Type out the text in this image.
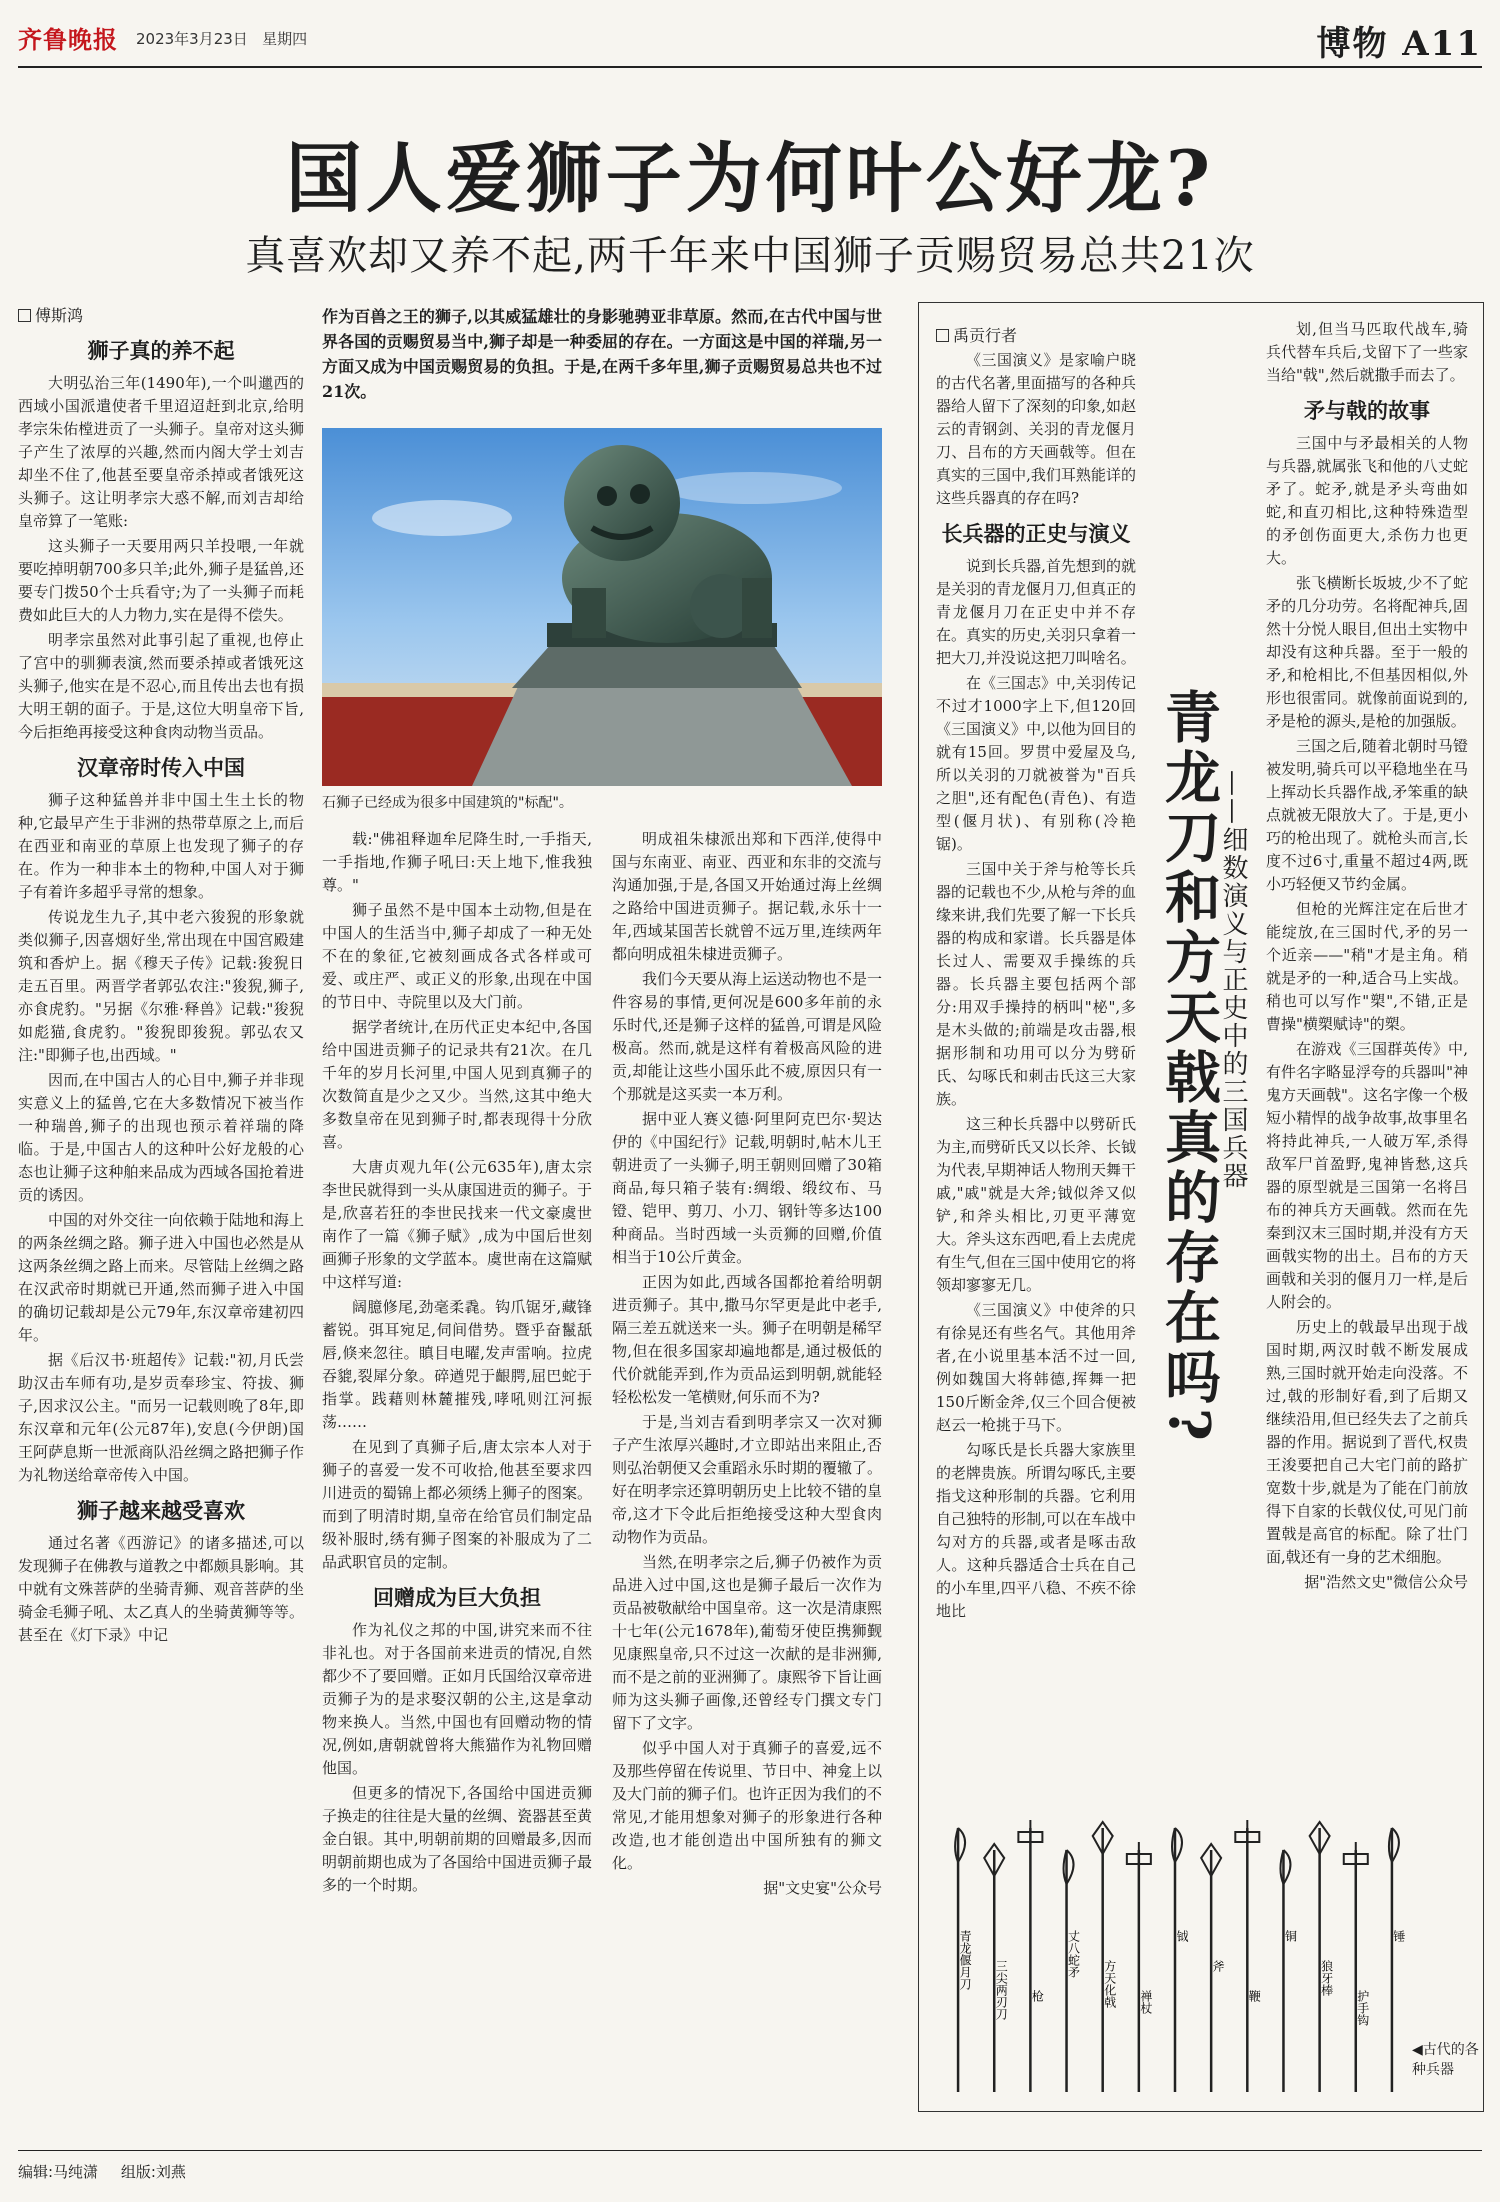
齐鲁晚报 2023年3月23日 星期四	博物 A11
国人爱狮子为何叶公好龙?
真喜欢却又养不起,两千年来中国狮子贡赐贸易总共21次

傅斯鸿

狮子真的养不起

大明弘治三年(1490年),一个叫邋西的西域小国派遣使者千里迢迢赶到北京,给明孝宗朱佑樘进贡了一头狮子。皇帝对这头狮子产生了浓厚的兴趣,然而内阁大学士刘吉却坐不住了,他甚至要皇帝杀掉或者饿死这头狮子。这让明孝宗大惑不解,而刘吉却给皇帝算了一笔账:

这头狮子一天要用两只羊投喂,一年就要吃掉明朝700多只羊;此外,狮子是猛兽,还要专门拨50个士兵看守;为了一头狮子而耗费如此巨大的人力物力,实在是得不偿失。

明孝宗虽然对此事引起了重视,也停止了宫中的驯狮表演,然而要杀掉或者饿死这头狮子,他实在是不忍心,而且传出去也有损大明王朝的面子。于是,这位大明皇帝下旨,今后拒绝再接受这种食肉动物当贡品。

汉章帝时传入中国

狮子这种猛兽并非中国土生土长的物种,它最早产生于非洲的热带草原之上,而后在西亚和南亚的草原上也发现了狮子的存在。作为一种非本土的物种,中国人对于狮子有着许多超乎寻常的想象。

传说龙生九子,其中老六狻猊的形象就类似狮子,因喜烟好坐,常出现在中国宫殿建筑和香炉上。据《穆天子传》记载:狻猊日走五百里。两晋学者郭弘农注:"狻猊,狮子,亦食虎豹。"另据《尔雅·释兽》记载:"狻猊如彪猫,食虎豹。"狻猊即狻猊。郭弘农又注:"即狮子也,出西域。"

因而,在中国古人的心目中,狮子并非现实意义上的猛兽,它在大多数情况下被当作一种瑞兽,狮子的出现也预示着祥瑞的降临。于是,中国古人的这种叶公好龙般的心态也让狮子这种舶来品成为西域各国抢着进贡的诱因。

中国的对外交往一向依赖于陆地和海上的两条丝绸之路。狮子进入中国也必然是从这两条丝绸之路上而来。尽管陆上丝绸之路在汉武帝时期就已开通,然而狮子进入中国的确切记载却是公元79年,东汉章帝建初四年。

据《后汉书·班超传》记载:"初,月氏尝助汉击车师有功,是岁贡奉珍宝、符拔、狮子,因求汉公主。"而另一记载则晚了8年,即东汉章和元年(公元87年),安息(今伊朗)国王阿萨息斯一世派商队沿丝绸之路把狮子作为礼物送给章帝传入中国。

狮子越来越受喜欢

通过名著《西游记》的诸多描述,可以发现狮子在佛教与道教之中都颇具影响。其中就有文殊菩萨的坐骑青狮、观音菩萨的坐骑金毛狮子吼、太乙真人的坐骑黄狮等等。甚至在《灯下录》中记

作为百兽之王的狮子,以其威猛雄壮的身影驰骋亚非草原。然而,在古代中国与世界各国的贡赐贸易当中,狮子却是一种委屈的存在。一方面这是中国的祥瑞,另一方面又成为中国贡赐贸易的负担。于是,在两千多年里,狮子贡赐贸易总共也不过21次。
石狮子已经成为很多中国建筑的"标配"。

载:"佛祖释迦牟尼降生时,一手指天,一手指地,作狮子吼曰:天上地下,惟我独尊。"

狮子虽然不是中国本土动物,但是在中国人的生活当中,狮子却成了一种无处不在的象征,它被刻画成各式各样或可爱、或庄严、或正义的形象,出现在中国的节日中、寺院里以及大门前。

据学者统计,在历代正史本纪中,各国给中国进贡狮子的记录共有21次。在几千年的岁月长河里,中国人见到真狮子的次数简直是少之又少。当然,这其中绝大多数皇帝在见到狮子时,都表现得十分欣喜。

大唐贞观九年(公元635年),唐太宗李世民就得到一头从康国进贡的狮子。于是,欣喜若狂的李世民找来一代文豪虞世南作了一篇《狮子赋》,成为中国后世刻画狮子形象的文学蓝本。虞世南在这篇赋中这样写道:

阔臆修尾,劲毫柔毳。钩爪锯牙,藏锋蓄锐。弭耳宛足,伺间借势。暨乎奋鬣舐唇,倏来忽往。瞋目电曜,发声雷响。拉虎吞貔,裂犀分象。碎遒兕于齦腭,屈巴蛇于指掌。践藉则林麓摧残,哮吼则江河振荡……

在见到了真狮子后,唐太宗本人对于狮子的喜爱一发不可收拾,他甚至要求四川进贡的蜀锦上都必须绣上狮子的图案。而到了明清时期,皇帝在给官员们制定品级补服时,绣有狮子图案的补服成为了二品武职官员的定制。

回赠成为巨大负担

作为礼仪之邦的中国,讲究来而不往非礼也。对于各国前来进贡的情况,自然都少不了要回赠。正如月氏国给汉章帝进贡狮子为的是求娶汉朝的公主,这是拿动物来换人。当然,中国也有回赠动物的情况,例如,唐朝就曾将大熊猫作为礼物回赠他国。

但更多的情况下,各国给中国进贡狮子换走的往往是大量的丝绸、瓷器甚至黄金白银。其中,明朝前期的回赠最多,因而明朝前期也成为了各国给中国进贡狮子最多的一个时期。

明成祖朱棣派出郑和下西洋,使得中国与东南亚、南亚、西亚和东非的交流与沟通加强,于是,各国又开始通过海上丝绸之路给中国进贡狮子。据记载,永乐十一年,西域某国苦长就曾不远万里,连续两年都向明成祖朱棣进贡狮子。

我们今天要从海上运送动物也不是一件容易的事情,更何况是600多年前的永乐时代,还是狮子这样的猛兽,可谓是风险极高。然而,就是这样有着极高风险的进贡,却能让这些小国乐此不疲,原因只有一个那就是这买卖一本万利。

据中亚人赛义德·阿里阿克巴尔·契达伊的《中国纪行》记载,明朝时,帖木儿王朝进贡了一头狮子,明王朝则回赠了30箱商品,每只箱子装有:绸缎、缎纹布、马镫、铠甲、剪刀、小刀、钢针等多达100种商品。当时西域一头贡狮的回赠,价值相当于10公斤黄金。

正因为如此,西域各国都抢着给明朝进贡狮子。其中,撒马尔罕更是此中老手,隔三差五就送来一头。狮子在明朝是稀罕物,但在很多国家却遍地都是,通过极低的代价就能弄到,作为贡品运到明朝,就能轻轻松松发一笔横财,何乐而不为?

于是,当刘吉看到明孝宗又一次对狮子产生浓厚兴趣时,才立即站出来阻止,否则弘治朝便又会重蹈永乐时期的覆辙了。好在明孝宗还算明朝历史上比较不错的皇帝,这才下令此后拒绝接受这种大型食肉动物作为贡品。

当然,在明孝宗之后,狮子仍被作为贡品进入过中国,这也是狮子最后一次作为贡品被敬献给中国皇帝。这一次是清康熙十七年(公元1678年),葡萄牙使臣携狮觐见康熙皇帝,只不过这一次献的是非洲狮,而不是之前的亚洲狮了。康熙爷下旨让画师为这头狮子画像,还曾经专门撰文专门留下了文字。

似乎中国人对于真狮子的喜爱,远不及那些停留在传说里、节日中、神龛上以及大门前的狮子们。也许正因为我们的不常见,才能用想象对狮子的形象进行各种改造,也才能创造出中国所独有的狮文化。

据"文史宴"公众号

禹贡行者

《三国演义》是家喻户晓的古代名著,里面描写的各种兵器给人留下了深刻的印象,如赵云的青钢剑、关羽的青龙偃月刀、吕布的方天画戟等。但在真实的三国中,我们耳熟能详的这些兵器真的存在吗?

长兵器的正史与演义

说到长兵器,首先想到的就是关羽的青龙偃月刀,但真正的青龙偃月刀在正史中并不存在。真实的历史,关羽只拿着一把大刀,并没说这把刀叫啥名。

在《三国志》中,关羽传记不过才1000字上下,但120回《三国演义》中,以他为回目的就有15回。罗贯中爱屋及乌,所以关羽的刀就被誉为"百兵之胆",还有配色(青色)、有造型(偃月状)、有别称(冷艳锯)。

三国中关于斧与枪等长兵器的记载也不少,从枪与斧的血缘来讲,我们先要了解一下长兵器的构成和家谱。长兵器是体长过人、需要双手操练的兵器。长兵器主要包括两个部分:用双手操持的柄叫"柲",多是木头做的;前端是攻击器,根据形制和功用可以分为劈斫氏、勾啄氏和刺击氏这三大家族。

这三种长兵器中以劈斫氏为主,而劈斫氏又以长斧、长钺为代表,早期神话人物刑天舞干戚,"戚"就是大斧;钺似斧又似铲,和斧头相比,刃更平薄宽大。斧头这东西吧,看上去虎虎有生气,但在三国中使用它的将领却寥寥无几。

《三国演义》中使斧的只有徐晃还有些名气。其他用斧者,在小说里基本活不过一回,例如魏国大将韩德,挥舞一把150斤断金斧,仅三个回合便被赵云一枪挑于马下。

勾啄氏是长兵器大家族里的老牌贵族。所谓勾啄氏,主要指戈这种形制的兵器。它利用自己独特的形制,可以在车战中勾对方的兵器,或者是啄击敌人。这种兵器适合士兵在自己的小车里,四平八稳、不疾不徐地比

青龙刀和方天戟真的存在吗?
——细数演义与正史中的三国兵器

划,但当马匹取代战车,骑兵代替车兵后,戈留下了一些家当给"戟",然后就撒手而去了。

矛与戟的故事

三国中与矛最相关的人物与兵器,就属张飞和他的八丈蛇矛了。蛇矛,就是矛头弯曲如蛇,和直刃相比,这种特殊造型的矛创伤面更大,杀伤力也更大。

张飞横断长坂坡,少不了蛇矛的几分功劳。名将配神兵,固然十分悦人眼目,但出土实物中却没有这种兵器。至于一般的矛,和枪相比,不但基因相似,外形也很雷同。就像前面说到的,矛是枪的源头,是枪的加强版。

三国之后,随着北朝时马镫被发明,骑兵可以平稳地坐在马上挥动长兵器作战,矛笨重的缺点就被无限放大了。于是,更小巧的枪出现了。就枪头而言,长度不过6寸,重量不超过4两,既小巧轻便又节约金属。

但枪的光辉注定在后世才能绽放,在三国时代,矛的另一个近亲——"稍"才是主角。稍就是矛的一种,适合马上实战。稍也可以写作"槊",不错,正是曹操"横槊赋诗"的槊。

在游戏《三国群英传》中,有件名字略显浮夸的兵器叫"神鬼方天画戟"。这名字像一个极短小精悍的战争故事,故事里名将持此神兵,一人破万军,杀得敌军尸首盈野,鬼神皆愁,这兵器的原型就是三国第一名将吕布的神兵方天画戟。然而在先秦到汉末三国时期,并没有方天画戟实物的出土。吕布的方天画戟和关羽的偃月刀一样,是后人附会的。

历史上的戟最早出现于战国时期,两汉时戟不断发展成熟,三国时就开始走向没落。不过,戟的形制好看,到了后期又继续沿用,但已经失去了之前兵器的作用。据说到了晋代,权贵王浚要把自己大宅门前的路扩宽数十步,就是为了能在门前放得下自家的长戟仪仗,可见门前置戟是高官的标配。除了壮门面,戟还有一身的艺术细胞。

据"浩然文史"微信公众号

青龙偃月刀 三尖两刃刀 枪
丈八蛇矛
方天化戟 禅杖
钺
斧
鞭
铜
狼牙棒
护手钩
锤
◀古代的各种兵器
编辑:马纯潇 组版:刘燕
